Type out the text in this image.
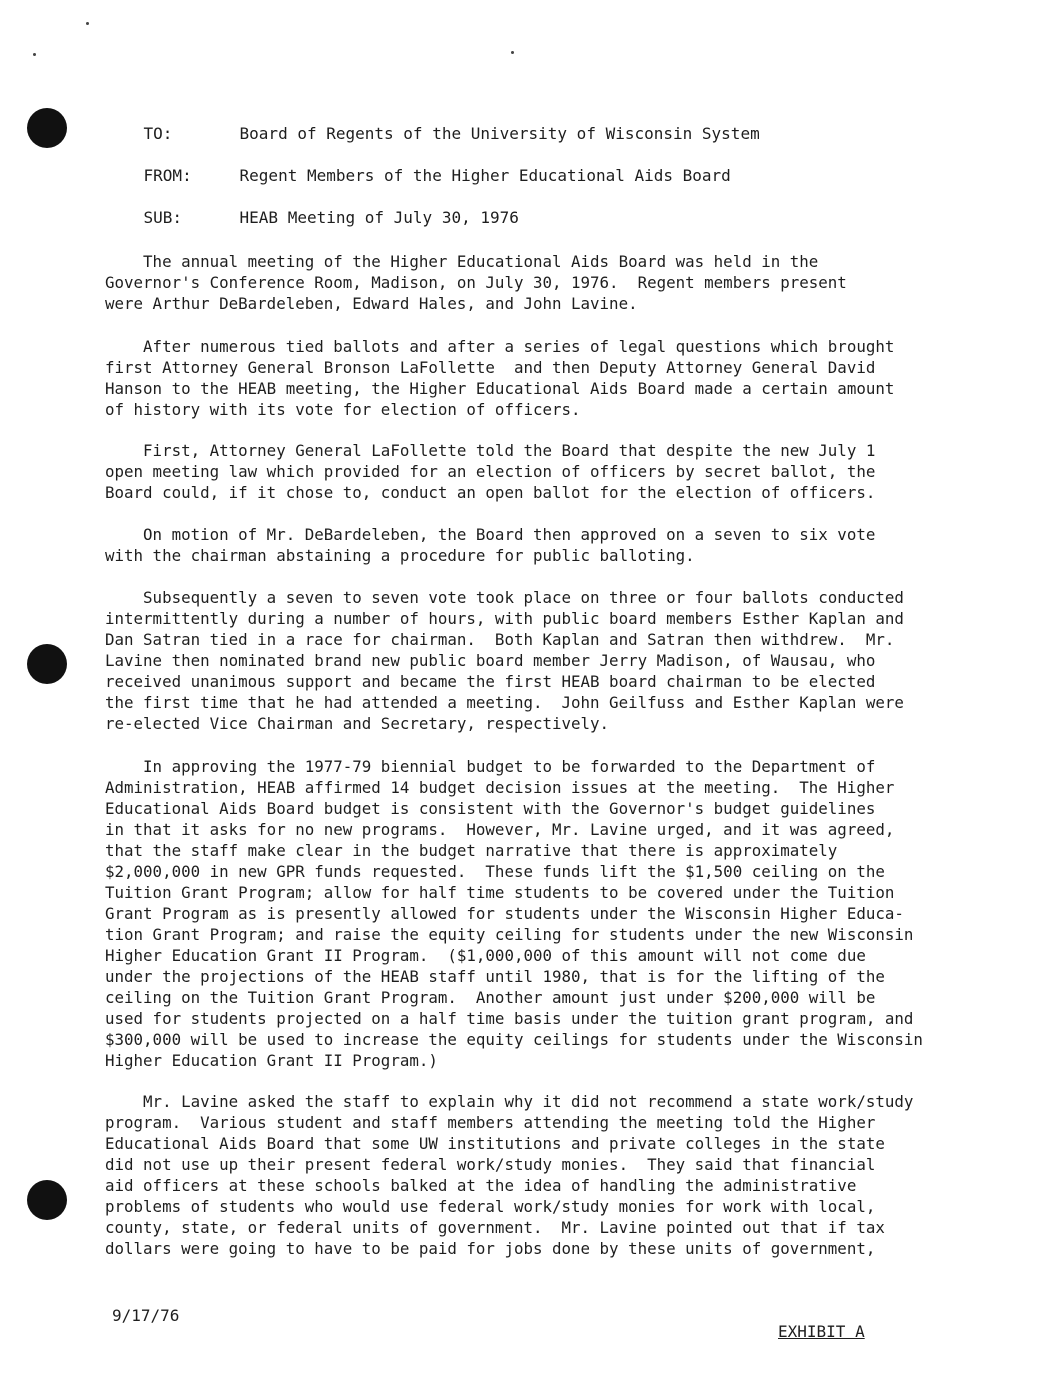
TO:	Board of Regents of the University of Wisconsin System

FROM:	Regent Members of the Higher Educational Aids Board

SUB:	HEAB Meeting of July 30, 1976

The annual meeting of the Higher Educational Aids Board was held in the
Governor's Conference Room, Madison, on July 30, 1976.  Regent members present
were Arthur DeBardeleben, Edward Hales, and John Lavine.
After numerous tied ballots and after a series of legal questions which brought
first Attorney General Bronson LaFollette  and then Deputy Attorney General David
Hanson to the HEAB meeting, the Higher Educational Aids Board made a certain amount
of history with its vote for election of officers.
First, Attorney General LaFollette told the Board that despite the new July 1
open meeting law which provided for an election of officers by secret ballot, the
Board could, if it chose to, conduct an open ballot for the election of officers.
On motion of Mr. DeBardeleben, the Board then approved on a seven to six vote
with the chairman abstaining a procedure for public balloting.
Subsequently a seven to seven vote took place on three or four ballots conducted
intermittently during a number of hours, with public board members Esther Kaplan and
Dan Satran tied in a race for chairman.  Both Kaplan and Satran then withdrew.  Mr.
Lavine then nominated brand new public board member Jerry Madison, of Wausau, who
received unanimous support and became the first HEAB board chairman to be elected
the first time that he had attended a meeting.  John Geilfuss and Esther Kaplan were
re-elected Vice Chairman and Secretary, respectively.
In approving the 1977-79 biennial budget to be forwarded to the Department of
Administration, HEAB affirmed 14 budget decision issues at the meeting.  The Higher
Educational Aids Board budget is consistent with the Governor's budget guidelines
in that it asks for no new programs.  However, Mr. Lavine urged, and it was agreed,
that the staff make clear in the budget narrative that there is approximately
$2,000,000 in new GPR funds requested.  These funds lift the $1,500 ceiling on the
Tuition Grant Program; allow for half time students to be covered under the Tuition
Grant Program as is presently allowed for students under the Wisconsin Higher Educa-
tion Grant Program; and raise the equity ceiling for students under the new Wisconsin
Higher Education Grant II Program.  ($1,000,000 of this amount will not come due
under the projections of the HEAB staff until 1980, that is for the lifting of the
ceiling on the Tuition Grant Program.  Another amount just under $200,000 will be
used for students projected on a half time basis under the tuition grant program, and
$300,000 will be used to increase the equity ceilings for students under the Wisconsin
Higher Education Grant II Program.)
Mr. Lavine asked the staff to explain why it did not recommend a state work/study
program.  Various student and staff members attending the meeting told the Higher
Educational Aids Board that some UW institutions and private colleges in the state
did not use up their present federal work/study monies.  They said that financial
aid officers at these schools balked at the idea of handling the administrative
problems of students who would use federal work/study monies for work with local,
county, state, or federal units of government.  Mr. Lavine pointed out that if tax
dollars were going to have to be paid for jobs done by these units of government,
9/17/76
EXHIBIT A
